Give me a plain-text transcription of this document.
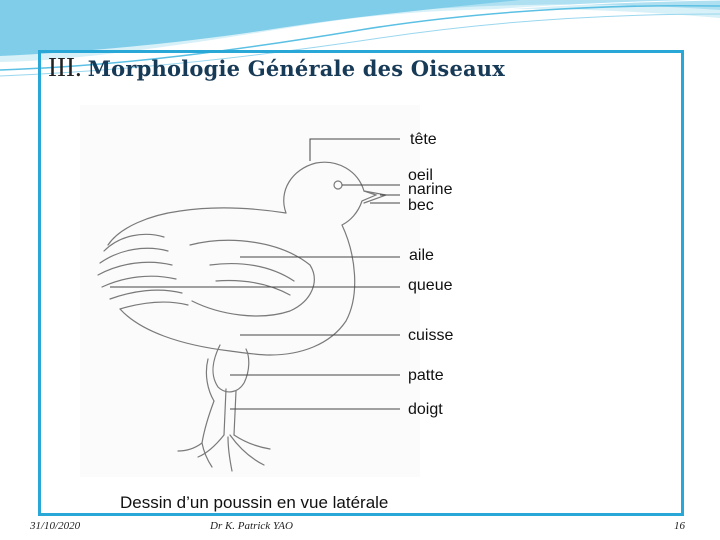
III. Morphologie Générale des Oiseaux
tête
oeil
narine
bec
aile
queue
cuisse
patte
doigt
Dessin d’un poussin en vue latérale
31/10/2020	Dr K. Patrick YAO	16
